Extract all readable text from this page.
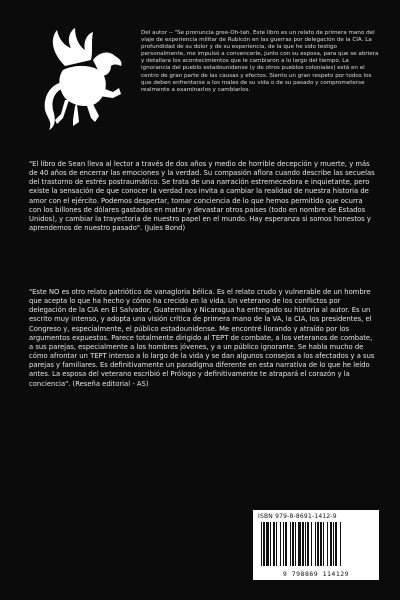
Del autor -- "Se pronuncia gree-Oh-tah. Este libro es un relato de primera mano del viaje de experiencia militar de Rubicón en las guerras por delegación de la CIA. La profundidad de su dolor y de su experiencia, de la que he sido testigo personalmente, me impulsó a convencerle, junto con su esposa, para que se abriera y detallara los acontecimientos que le cambiaron a lo largo del tiempo. La ignorancia del pueblo estadounidense (y de otros pueblos coloniales) está en el centro de gran parte de las causas y efectos. Siento un gran respeto por todos los que deben enfrentarse a los males de su vida o de su pasado y comprometerse realmente a examinarlos y cambiarlos.

"El libro de Sean lleva al lector a través de dos años y medio de horrible decepción y muerte, y más de 40 años de encerrar las emociones y la verdad. Su compasión aflora cuando describe las secuelas del trastorno de estrés postraumático. Se trata de una narración estremecedora e inquietante, pero existe la sensación de que conocer la verdad nos invita a cambiar la realidad de nuestra historia de amor con el ejército. Podemos despertar, tomar conciencia de lo que hemos permitido que ocurra con los billones de dólares gastados en matar y devastar otros países (todo en nombre de Estados Unidos), y cambiar la trayectoria de nuestro papel en el mundo. Hay esperanza si somos honestos y aprendemos de nuestro pasado". (Jules Bond)

"Este NO es otro relato patriótico de vanagloria bélica. Es el relato crudo y vulnerable de un hombre que acepta lo que ha hecho y cómo ha crecido en la vida. Un veterano de los conflictos por delegación de la CIA en El Salvador, Guatemala y Nicaragua ha entregado su historia al autor. Es un escrito muy intenso, y adopta una visión crítica de primera mano de la VA, la CIA, los presidentes, el Congreso y, especialmente, el público estadounidense. Me encontré llorando y atraído por los argumentos expuestos. Parece totalmente dirigido al TEPT de combate, a los veteranos de combate, a sus parejas, especialmente a los hombres jóvenes, y a un público ignorante. Se habla mucho de cómo afrontar un TEPT intenso a lo largo de la vida y se dan algunos consejos a los afectados y a sus parejas y familiares. Es definitivamente un paradigma diferente en esta narrativa de lo que he leído antes. La esposa del veterano escribió el Prólogo y definitivamente te atrapará el corazón y la conciencia". (Reseña editorial - AS)

ISBN 979-8-8691-1412-9
9 798869 114129
